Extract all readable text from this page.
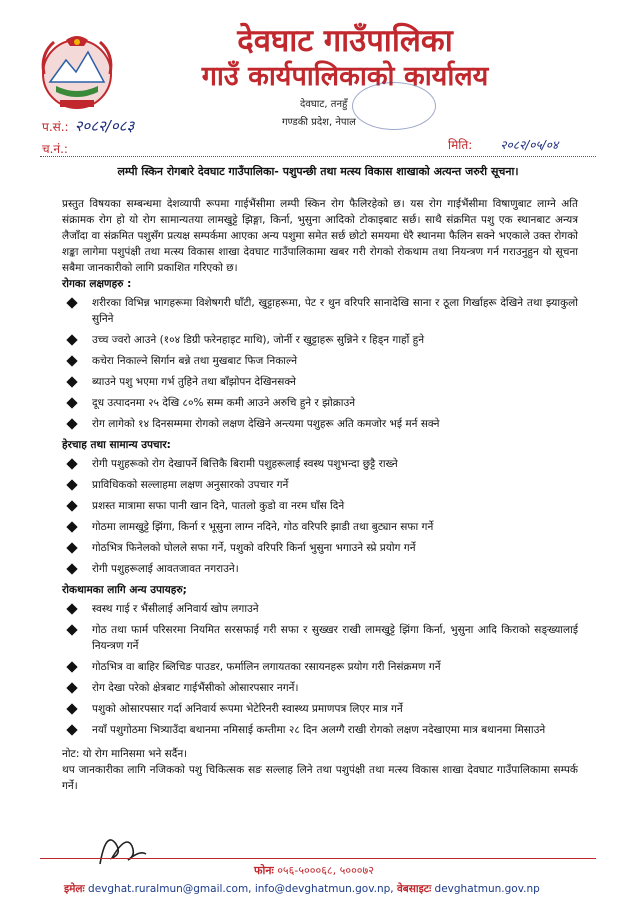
देवघाट गाउँपालिका
गाउँ कार्यपालिकाको कार्यालय
देवघाट, तनहुँ
गण्डकी प्रदेश, नेपाल
प.सं.: २०८२/०८३
च.नं.:	मिति: २०८२/०५/०४
लम्पी स्किन रोगबारे देवघाट गाउँपालिका- पशुपन्छी तथा मत्स्य विकास शाखाको अत्यन्त जरुरी सूचना।
प्रस्तुत विषयका सम्बन्धमा देशव्यापी रूपमा गाईभैंसीमा लम्पी स्किन रोग फैलिरहेको छ। यस रोग गाईभैंसीमा विषाणुबाट लाग्ने अति संक्रामक रोग हो यो रोग सामान्यतया लामखुट्टे झिङ्गा, किर्ना, भुसुना आदिको टोकाइबाट सर्छ। साथै संक्रमित पशु एक स्थानबाट अन्यत्र लैजाँदा वा संक्रमित पशुसँग प्रत्यक्ष सम्पर्कमा आएका अन्य पशुमा समेत सर्छ छोटो समयमा धेरै स्थानमा फैलिन सक्ने भएकाले उक्त रोगको शङ्का लागेमा पशुपंक्षी तथा मत्स्य विकास शाखा देवघाट गाउँपालिकामा खबर गरी रोगको रोकथाम तथा नियन्त्रण गर्न गराउनुहुन यो सूचना सबैमा जानकारीको लागि प्रकाशित गरिएको छ।
रोगका लक्षणहरु :
शरीरका विभिन्न भागहरूमा विशेषगरी घाँटी, खुट्टाहरूमा, पेट र थुन वरिपरि सानादेखि साना र ठूला गिर्खाहरू देखिने तथा झ्याकुलो सुनिने
उच्च ज्वरो आउने (१०४ डिग्री फरेनहाइट माथि), जोर्नी र खुट्टाहरू सुन्निने र हिड्न गार्हो हुने
कचेरा निकाल्ने सिर्गान बन्ने तथा मुखबाट फिज निकाल्ने
ब्याउने पशु भएमा गर्भ तुहिने तथा बाँझोपन देखिनसक्ने
दूध उत्पादनमा २५ देखि ८०% सम्म कमी आउने अरुचि हुने र झोक्राउने
रोग लागेको १४ दिनसम्ममा रोगको लक्षण देखिने अन्त्यमा पशुहरू अति कमजोर भई मर्न सक्ने
हेरचाह तथा सामान्य उपचार:
रोगी पशुहरूको रोग देखापर्ने बित्तिकै बिरामी पशुहरूलाई स्वस्थ पशुभन्दा छुट्टै राख्ने
प्राविधिकको सल्लाहमा लक्षण अनुसारको उपचार गर्ने
प्रशस्त मात्रामा सफा पानी खान दिने, पातलो कुडो वा नरम घाँस दिने
गोठमा लामखुट्टे झिंगा, किर्ना र भूसुना लाग्न नदिने, गोठ वरिपरि झाडी तथा बुट्यान सफा गर्ने
गोठभित्र फिनेलको घोलले सफा गर्ने, पशुको वरिपरि किर्ना भुसुना भगाउने स्प्रे प्रयोग गर्ने
रोगी पशुहरूलाई आवतजावत नगराउने।
रोकथामका लागि अन्य उपायहरु;
स्वस्थ गाई र भैंसीलाई अनिवार्य खोप लगाउने
गोठ तथा फार्म परिसरमा नियमित सरसफाई गरी सफा र सुख्खर राखी लामखुट्टे झिंगा किर्ना, भुसुना आदि किराको सङ्ख्यालाई नियन्त्रण गर्ने
गोठभित्र वा बाहिर ब्लिचिङ पाउडर, फर्मालिन लगायतका रसायनहरू प्रयोग गरी निसंक्रमण गर्ने
रोग देखा परेको क्षेत्रबाट गाईभैंसीको ओसारपसार नगर्ने।
पशुको ओसारपसार गर्दा अनिवार्य रूपमा भेटेरिनरी स्वास्थ्य प्रमाणपत्र लिएर मात्र गर्ने
नयाँ पशुगोठमा भित्र्याउँदा बथानमा नमिसाई कम्तीमा २८ दिन अलग्गै राखी रोगको लक्षण नदेखाएमा मात्र बथानमा मिसाउने
नोट: यो रोग मानिसमा भने सर्दैन।
थप जानकारीका लागि नजिकको पशु चिकित्सक सङ सल्लाह लिने तथा पशुपंक्षी तथा मत्स्य विकास शाखा देवघाट गाउँपालिकामा सम्पर्क गर्ने।
फोनः ०५६-५०००६८, ५०००७२
इमेलः devghat.ruralmun@gmail.com, info@devghatmun.gov.np, वेबसाइटः devghatmun.gov.np
